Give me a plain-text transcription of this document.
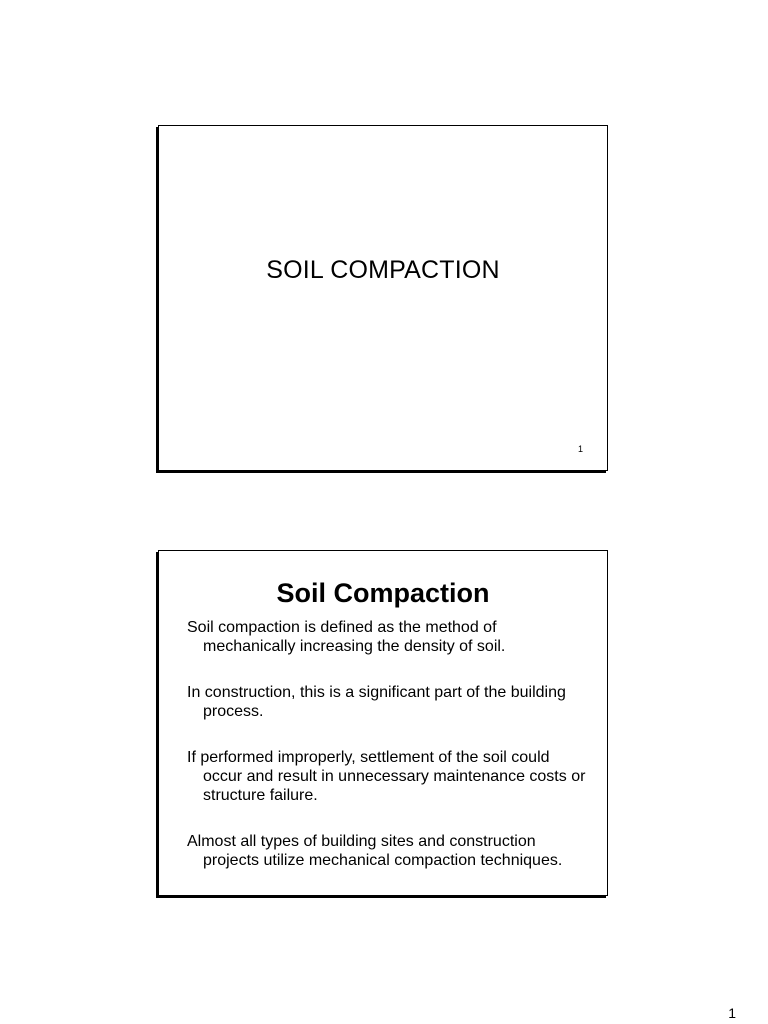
SOIL COMPACTION
1
Soil Compaction
Soil compaction is defined as the method of mechanically increasing the density of soil.
In construction, this is a significant part of the building process.
If performed improperly, settlement of the soil could occur and result in unnecessary maintenance costs or structure failure.
Almost all types of building sites and construction projects utilize mechanical compaction techniques.
1
